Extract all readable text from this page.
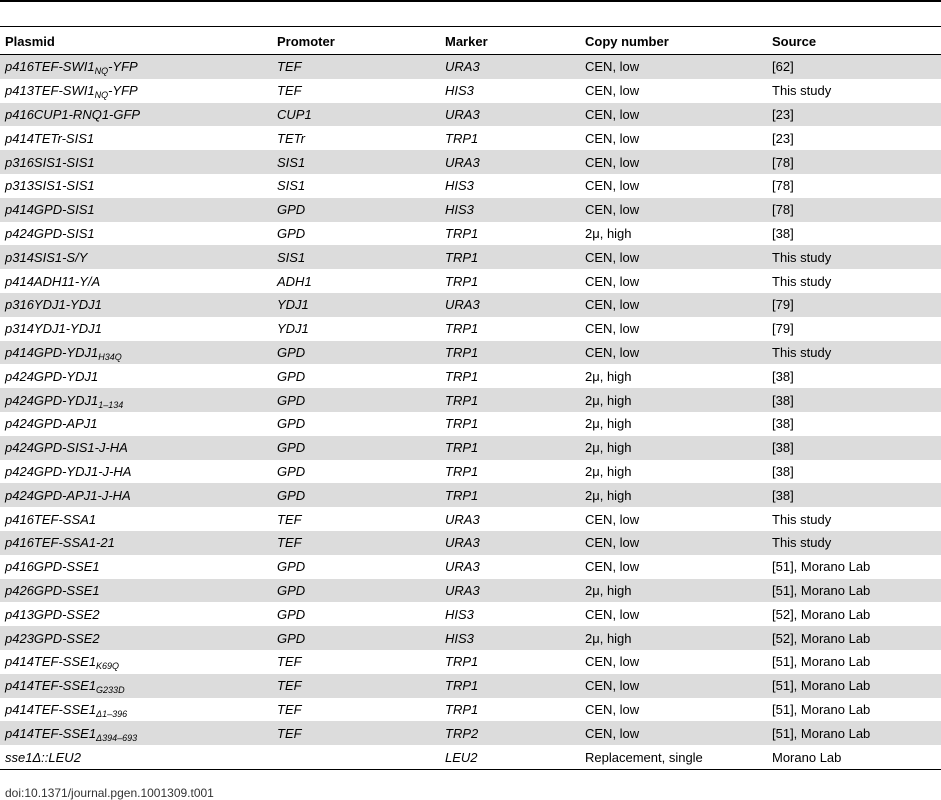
Plasmid	Promoter	Marker	Copy number	Source
$p416TEF-SWI1_{NQ}$-YFP	TEF	URA3	CEN, low	[62]
$p413TEF-SWI1_{NQ}$-YFP	TEF	HIS3	CEN, low	This study
p416CUP1-RNQ1-GFP	CUP1	URA3	CEN, low	[23]
p414TETr-SIS1	TETr	TRP1	CEN, low	[23]
p316SIS1-SIS1	SIS1	URA3	CEN, low	[78]
p313SIS1-SIS1	SIS1	HIS3	CEN, low	[78]
p414GPD-SIS1	GPD	HIS3	CEN, low	[78]
p424GPD-SIS1	GPD	TRP1	2μ, high	[38]
p314SIS1-S/Y	SIS1	TRP1	CEN, low	This study
p414ADH11-Y/A	ADH1	TRP1	CEN, low	This study
p316YDJ1-YDJ1	YDJ1	URA3	CEN, low	[79]
p314YDJ1-YDJ1	YDJ1	TRP1	CEN, low	[79]
$p414GPD-YDJ1_{H34Q}$	GPD	TRP1	CEN, low	This study
p424GPD-YDJ1	GPD	TRP1	2μ, high	[38]
$p424GPD-YDJ1_{1-134}$	GPD	TRP1	2μ, high	[38]
p424GPD-APJ1	GPD	TRP1	2μ, high	[38]
p424GPD-SIS1-J-HA	GPD	TRP1	2μ, high	[38]
p424GPD-YDJ1-J-HA	GPD	TRP1	2μ, high	[38]
p424GPD-APJ1-J-HA	GPD	TRP1	2μ, high	[38]
p416TEF-SSA1	TEF	URA3	CEN, low	This study
p416TEF-SSA1-21	TEF	URA3	CEN, low	This study
p416GPD-SSE1	GPD	URA3	CEN, low	[51], Morano Lab
p426GPD-SSE1	GPD	URA3	2μ, high	[51], Morano Lab
p413GPD-SSE2	GPD	HIS3	CEN, low	[52], Morano Lab
p423GPD-SSE2	GPD	HIS3	2μ, high	[52], Morano Lab
$p414TEF-SSE1_{K69Q}$	TEF	TRP1	CEN, low	[51], Morano Lab
$p414TEF-SSE1_{G233D}$	TEF	TRP1	CEN, low	[51], Morano Lab
$p414TEF-SSE1_{\Delta 1-396}$	TEF	TRP1	CEN, low	[51], Morano Lab
$p414TEF-SSE1_{\Delta 394-693}$	TEF	TRP2	CEN, low	[51], Morano Lab
sse1Δ::LEU2		LEU2	Replacement, single	Morano Lab
doi:10.1371/journal.pgen.1001309.t001
